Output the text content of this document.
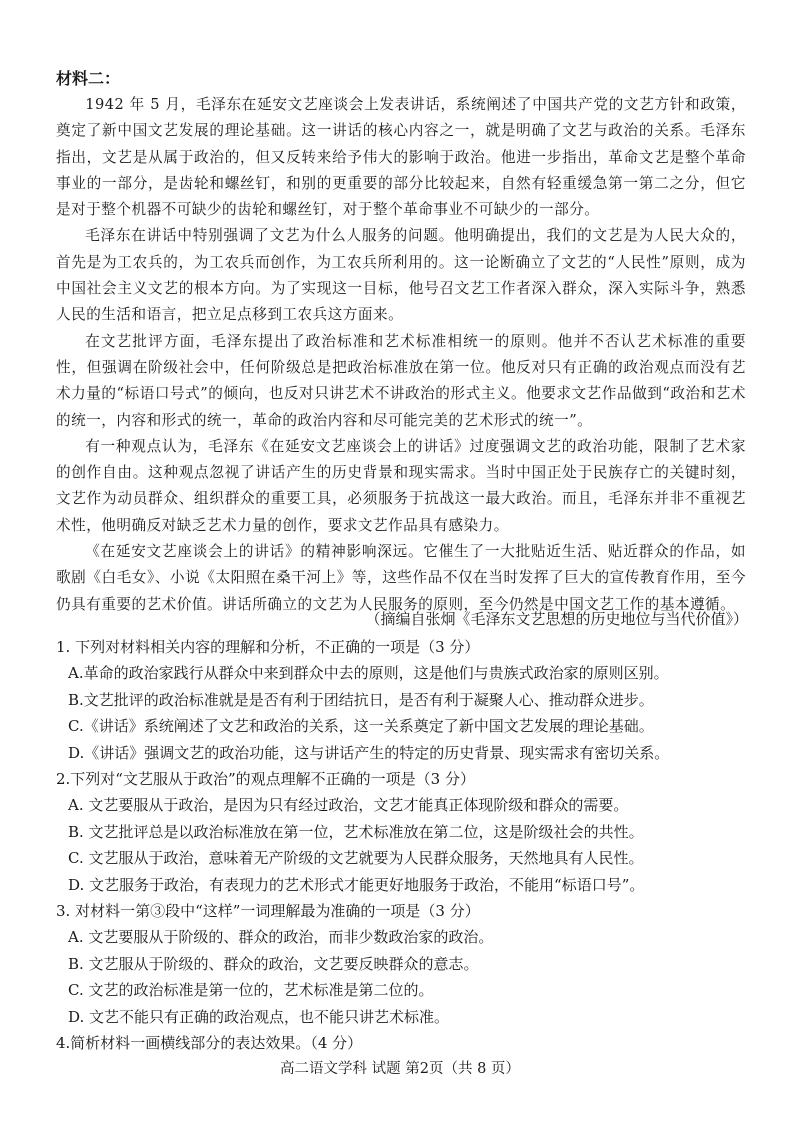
材料二：

1942 年 5 月，毛泽东在延安文艺座谈会上发表讲话，系统阐述了中国共产党的文艺方针和政策，奠定了新中国文艺发展的理论基础。这一讲话的核心内容之一，就是明确了文艺与政治的关系。毛泽东指出，文艺是从属于政治的，但又反转来给予伟大的影响于政治。他进一步指出，革命文艺是整个革命事业的一部分，是齿轮和螺丝钉，和别的更重要的部分比较起来，自然有轻重缓急第一第二之分，但它是对于整个机器不可缺少的齿轮和螺丝钉，对于整个革命事业不可缺少的一部分。

毛泽东在讲话中特别强调了文艺为什么人服务的问题。他明确提出，我们的文艺是为人民大众的，首先是为工农兵的，为工农兵而创作，为工农兵所利用的。这一论断确立了文艺的“人民性”原则，成为中国社会主义文艺的根本方向。为了实现这一目标，他号召文艺工作者深入群众，深入实际斗争，熟悉人民的生活和语言，把立足点移到工农兵这方面来。

在文艺批评方面，毛泽东提出了政治标准和艺术标准相统一的原则。他并不否认艺术标准的重要性，但强调在阶级社会中，任何阶级总是把政治标准放在第一位。他反对只有正确的政治观点而没有艺术力量的“标语口号式”的倾向，也反对只讲艺术不讲政治的形式主义。他要求文艺作品做到“政治和艺术的统一，内容和形式的统一，革命的政治内容和尽可能完美的艺术形式的统一”。

有一种观点认为，毛泽东《在延安文艺座谈会上的讲话》过度强调文艺的政治功能，限制了艺术家的创作自由。这种观点忽视了讲话产生的历史背景和现实需求。当时中国正处于民族存亡的关键时刻，文艺作为动员群众、组织群众的重要工具，必须服务于抗战这一最大政治。而且，毛泽东并非不重视艺术性，他明确反对缺乏艺术力量的创作，要求文艺作品具有感染力。

《在延安文艺座谈会上的讲话》的精神影响深远。它催生了一大批贴近生活、贴近群众的作品，如歌剧《白毛女》、小说《太阳照在桑干河上》等，这些作品不仅在当时发挥了巨大的宣传教育作用，至今仍具有重要的艺术价值。讲话所确立的文艺为人民服务的原则，至今仍然是中国文艺工作的基本遵循。

（摘编自张炯《毛泽东文艺思想的历史地位与当代价值》）

1. 下列对材料相关内容的理解和分析，不正确的一项是（3 分）

A.革命的政治家践行从群众中来到群众中去的原则，这是他们与贵族式政治家的原则区别。

B.文艺批评的政治标准就是是否有利于团结抗日，是否有利于凝聚人心、推动群众进步。

C.《讲话》系统阐述了文艺和政治的关系，这一关系奠定了新中国文艺发展的理论基础。

D.《讲话》强调文艺的政治功能，这与讲话产生的特定的历史背景、现实需求有密切关系。

2.下列对“文艺服从于政治”的观点理解不正确的一项是（3 分）

A. 文艺要服从于政治，是因为只有经过政治，文艺才能真正体现阶级和群众的需要。

B. 文艺批评总是以政治标准放在第一位，艺术标准放在第二位，这是阶级社会的共性。

C. 文艺服从于政治，意味着无产阶级的文艺就要为人民群众服务，天然地具有人民性。

D. 文艺服务于政治，有表现力的艺术形式才能更好地服务于政治，不能用“标语口号”。

3. 对材料一第③段中“这样”一词理解最为准确的一项是（3 分）

A. 文艺要服从于阶级的、群众的政治，而非少数政治家的政治。

B. 文艺服从于阶级的、群众的政治，文艺要反映群众的意志。

C. 文艺的政治标准是第一位的，艺术标准是第二位的。

D. 文艺不能只有正确的政治观点，也不能只讲艺术标准。

4.简析材料一画横线部分的表达效果。（4 分）

高二语文学科 试题 第2页（共 8 页）
